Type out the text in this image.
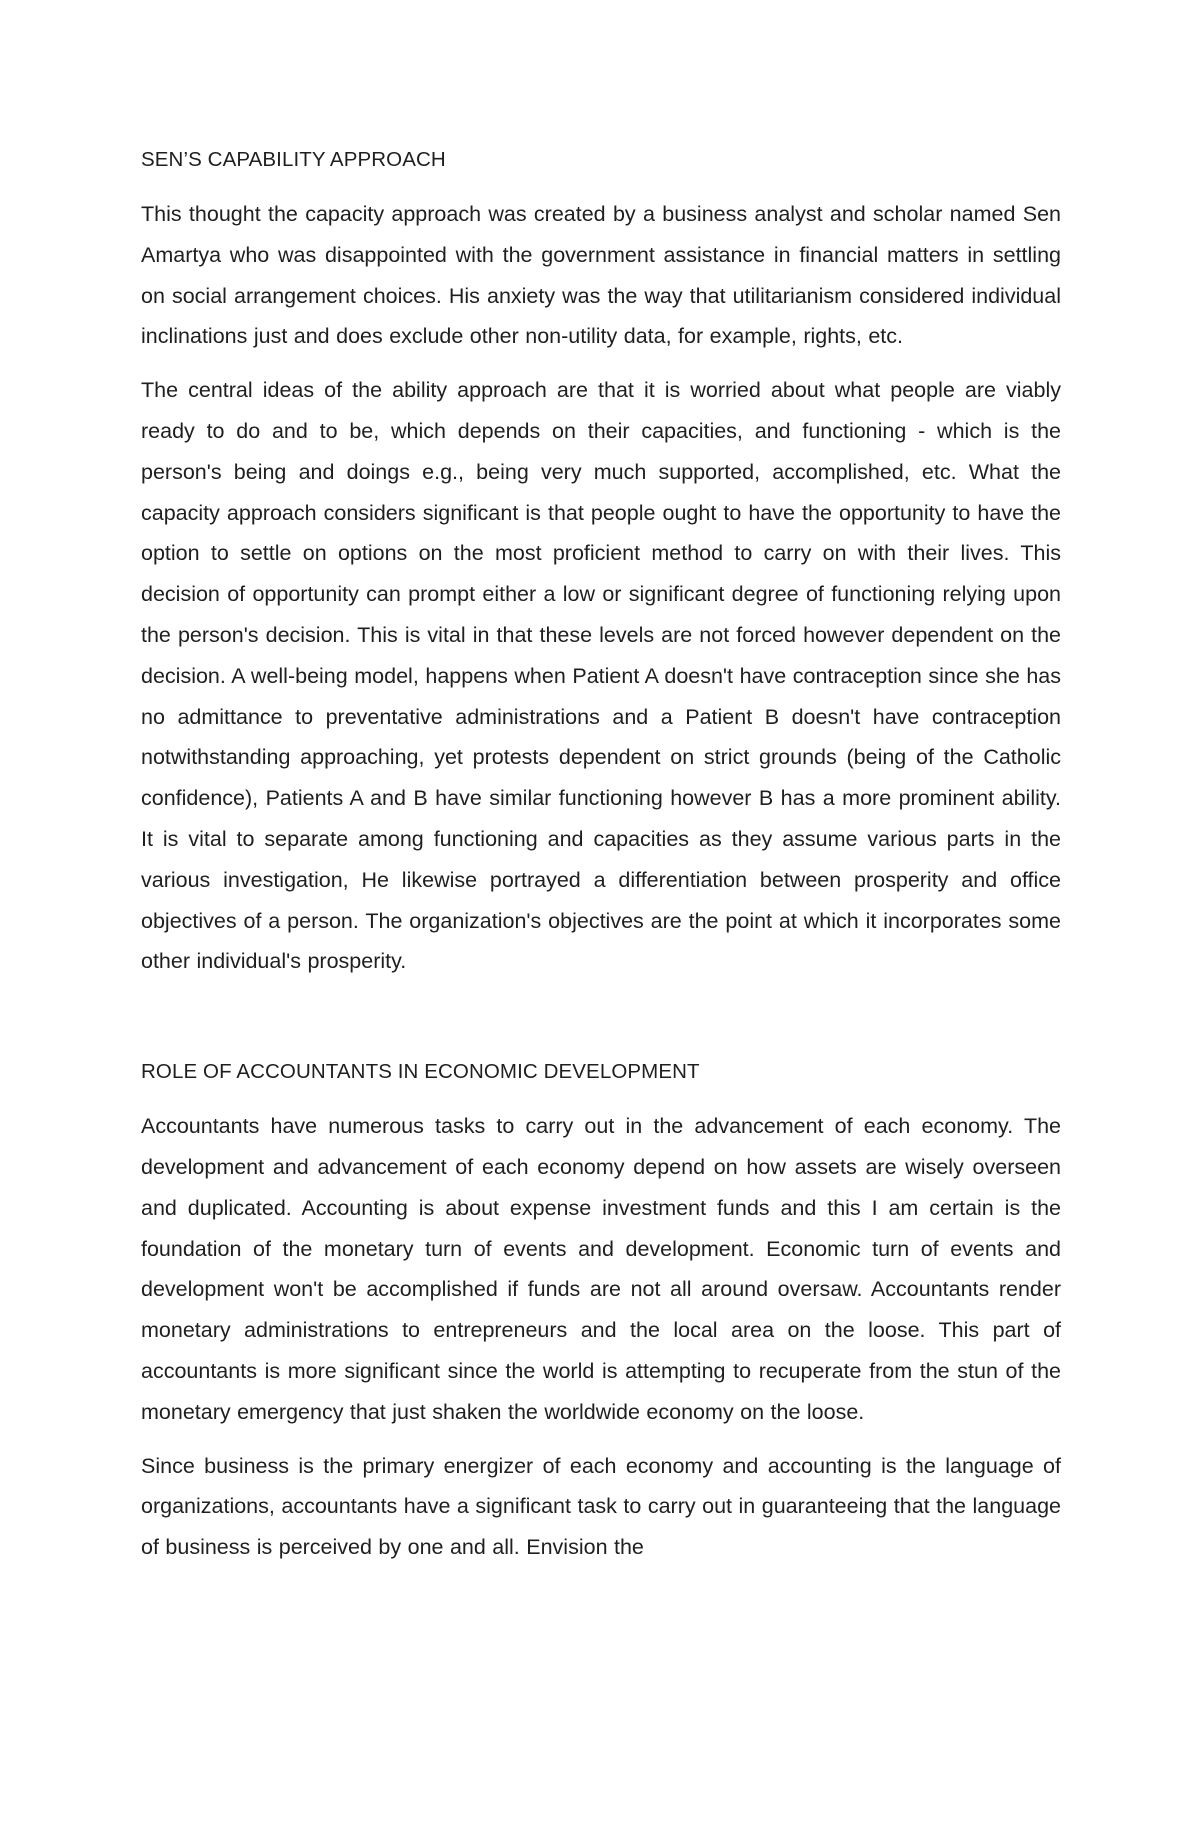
SEN’S CAPABILITY APPROACH

This thought the capacity approach was created by a business analyst and scholar named Sen Amartya who was disappointed with the government assistance in financial matters in settling on social arrangement choices. His anxiety was the way that utilitarianism considered individual inclinations just and does exclude other non-utility data, for example, rights, etc.

The central ideas of the ability approach are that it is worried about what people are viably ready to do and to be, which depends on their capacities, and functioning - which is the person's being and doings e.g., being very much supported, accomplished, etc. What the capacity approach considers significant is that people ought to have the opportunity to have the option to settle on options on the most proficient method to carry on with their lives. This decision of opportunity can prompt either a low or significant degree of functioning relying upon the person's decision. This is vital in that these levels are not forced however dependent on the decision. A well-being model, happens when Patient A doesn't have contraception since she has no admittance to preventative administrations and a Patient B doesn't have contraception notwithstanding approaching, yet protests dependent on strict grounds (being of the Catholic confidence), Patients A and B have similar functioning however B has a more prominent ability. It is vital to separate among functioning and capacities as they assume various parts in the various investigation, He likewise portrayed a differentiation between prosperity and office objectives of a person. The organization's objectives are the point at which it incorporates some other individual's prosperity.

ROLE OF ACCOUNTANTS IN ECONOMIC DEVELOPMENT

Accountants have numerous tasks to carry out in the advancement of each economy. The development and advancement of each economy depend on how assets are wisely overseen and duplicated. Accounting is about expense investment funds and this I am certain is the foundation of the monetary turn of events and development. Economic turn of events and development won't be accomplished if funds are not all around oversaw. Accountants render monetary administrations to entrepreneurs and the local area on the loose. This part of accountants is more significant since the world is attempting to recuperate from the stun of the monetary emergency that just shaken the worldwide economy on the loose.

Since business is the primary energizer of each economy and accounting is the language of organizations, accountants have a significant task to carry out in guaranteeing that the language of business is perceived by one and all. Envision the
